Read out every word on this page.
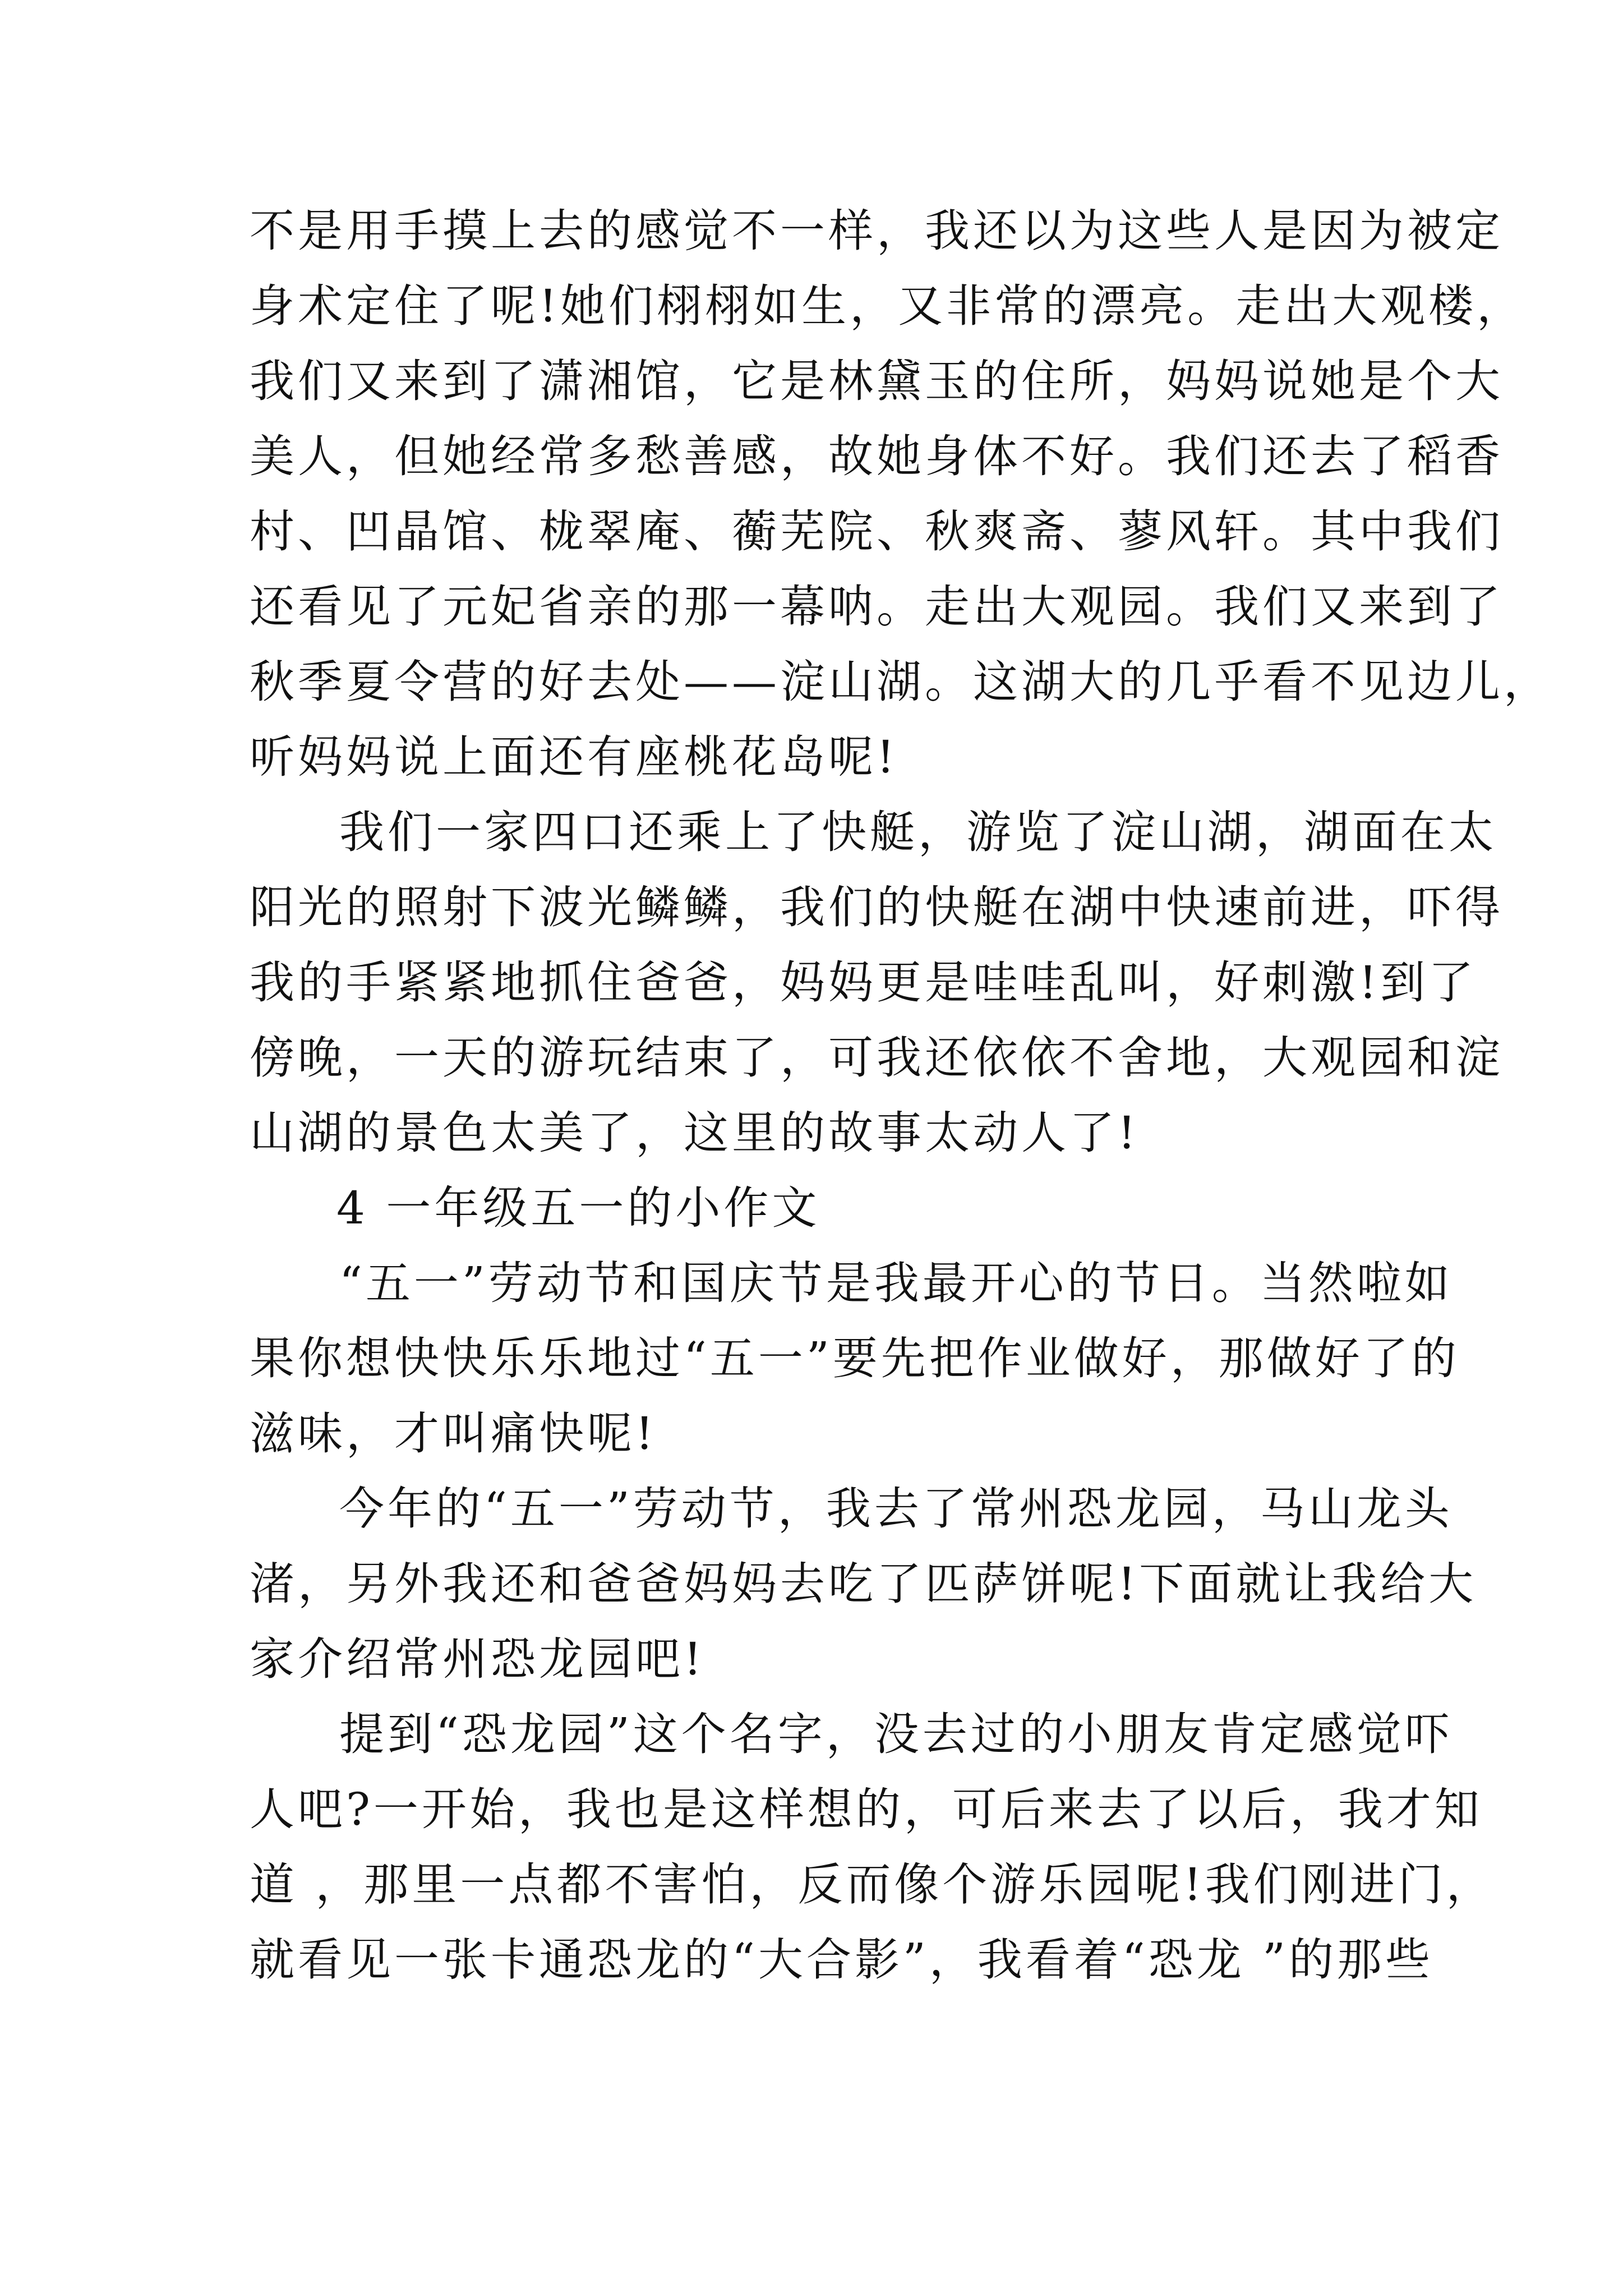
不是用手摸上去的感觉不一样，我还以为这些人是因为被定
身术定住了呢!她们栩栩如生，又非常的漂亮。走出大观楼，
我们又来到了潇湘馆，它是林黛玉的住所，妈妈说她是个大
美人，但她经常多愁善感，故她身体不好。我们还去了稻香
村、凹晶馆、栊翠庵、蘅芜院、秋爽斋、蓼风轩。其中我们
还看见了元妃省亲的那一幕呐。走出大观园。我们又来到了
秋季夏令营的好去处——淀山湖。这湖大的几乎看不见边儿，
听妈妈说上面还有座桃花岛呢!
我们一家四口还乘上了快艇，游览了淀山湖，湖面在太
阳光的照射下波光鳞鳞，我们的快艇在湖中快速前进，吓得
我的手紧紧地抓住爸爸，妈妈更是哇哇乱叫，好刺激!到了
傍晚，一天的游玩结束了，可我还依依不舍地，大观园和淀
山湖的景色太美了，这里的故事太动人了!
4 一年级五一的小作文
“五一”劳动节和国庆节是我最开心的节日。当然啦如
果你想快快乐乐地过“五一”要先把作业做好，那做好了的
滋味，才叫痛快呢!
今年的“五一”劳动节，我去了常州恐龙园，马山龙头
渚，另外我还和爸爸妈妈去吃了匹萨饼呢!下面就让我给大
家介绍常州恐龙园吧!
提到“恐龙园”这个名字，没去过的小朋友肯定感觉吓
人吧?一开始，我也是这样想的，可后来去了以后，我才知
道 ，那里一点都不害怕，反而像个游乐园呢!我们刚进门，
就看见一张卡通恐龙的“大合影”，我看着“恐龙 ”的那些
